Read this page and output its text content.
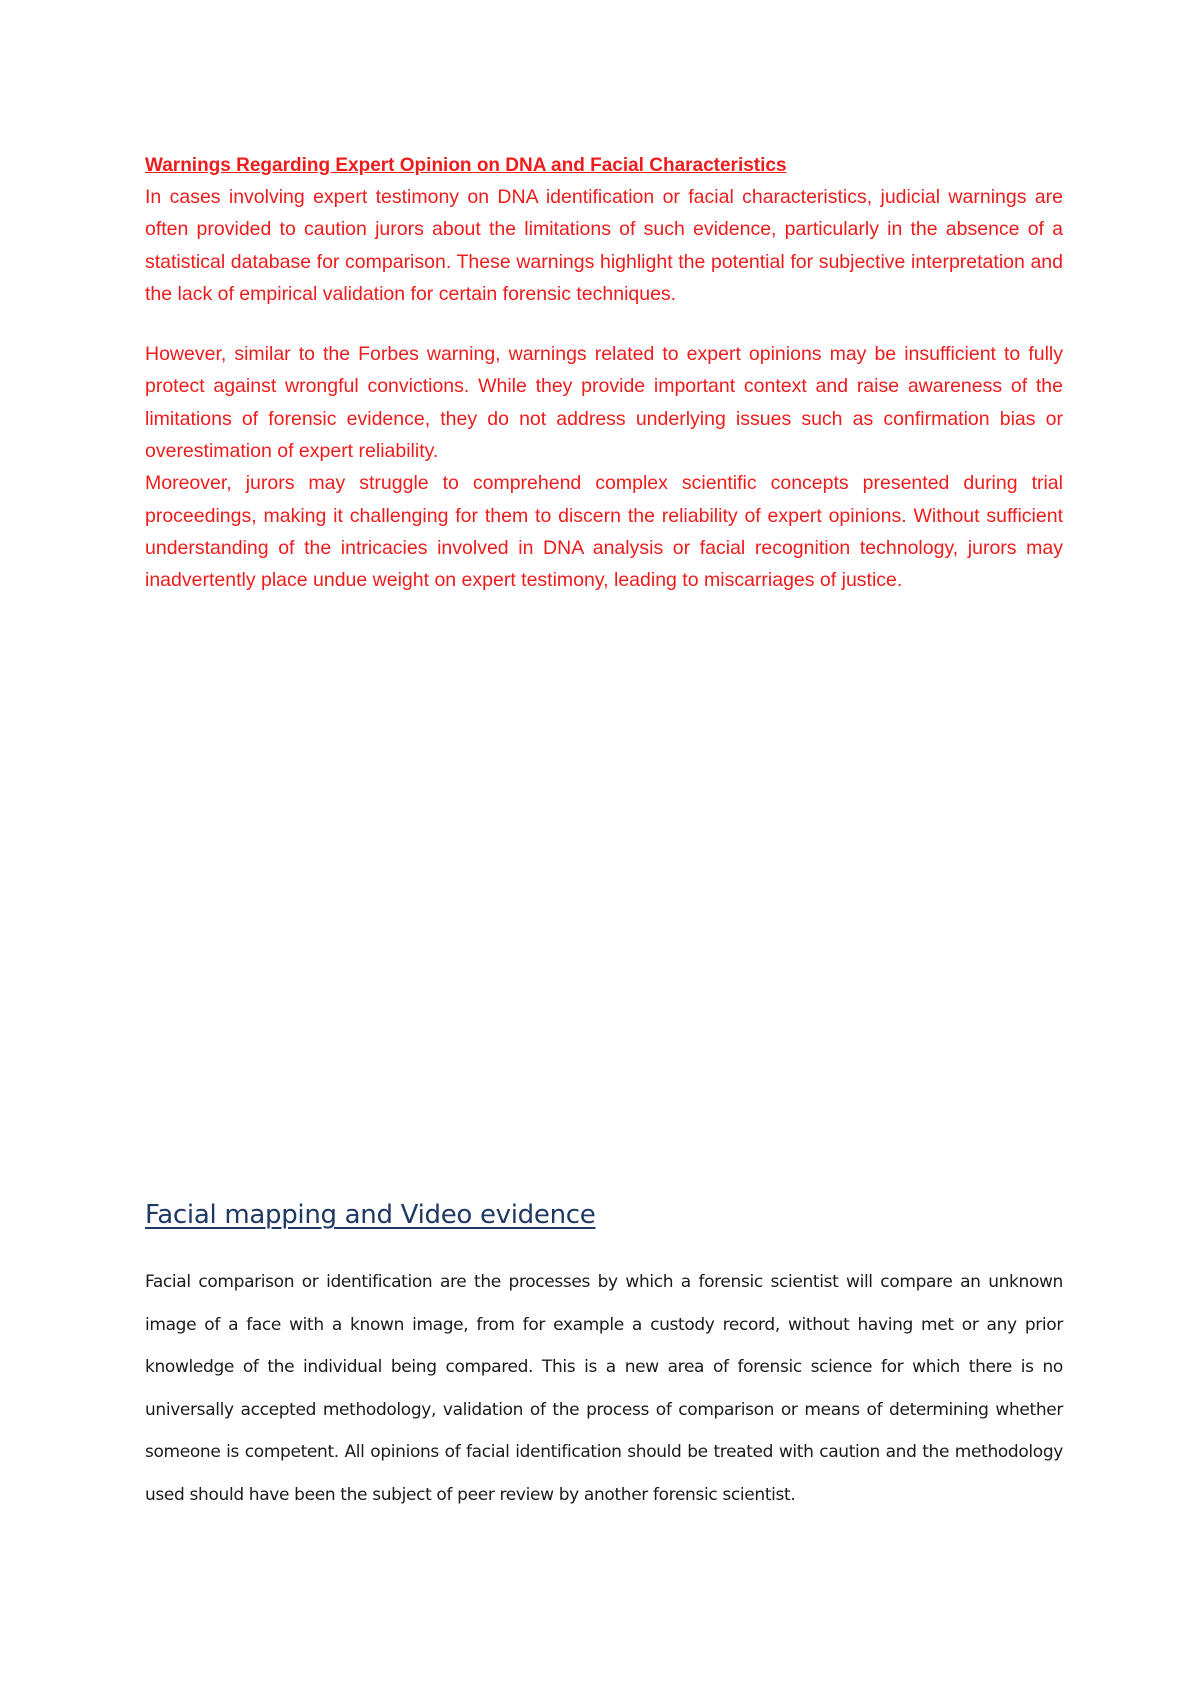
Warnings Regarding Expert Opinion on DNA and Facial Characteristics

In cases involving expert testimony on DNA identification or facial characteristics, judicial warnings are often provided to caution jurors about the limitations of such evidence, particularly in the absence of a statistical database for comparison. These warnings highlight the potential for subjective interpretation and the lack of empirical validation for certain forensic techniques.

However, similar to the Forbes warning, warnings related to expert opinions may be insufficient to fully protect against wrongful convictions. While they provide important context and raise awareness of the limitations of forensic evidence, they do not address underlying issues such as confirmation bias or overestimation of expert reliability.

Moreover, jurors may struggle to comprehend complex scientific concepts presented during trial proceedings, making it challenging for them to discern the reliability of expert opinions. Without sufficient understanding of the intricacies involved in DNA analysis or facial recognition technology, jurors may inadvertently place undue weight on expert testimony, leading to miscarriages of justice.

Facial mapping and Video evidence

Facial comparison or identification are the processes by which a forensic scientist will compare an unknown image of a face with a known image, from for example a custody record, without having met or any prior knowledge of the individual being compared. This is a new area of forensic science for which there is no universally accepted methodology, validation of the process of comparison or means of determining whether someone is competent. All opinions of facial identification should be treated with caution and the methodology used should have been the subject of peer review by another forensic scientist.
